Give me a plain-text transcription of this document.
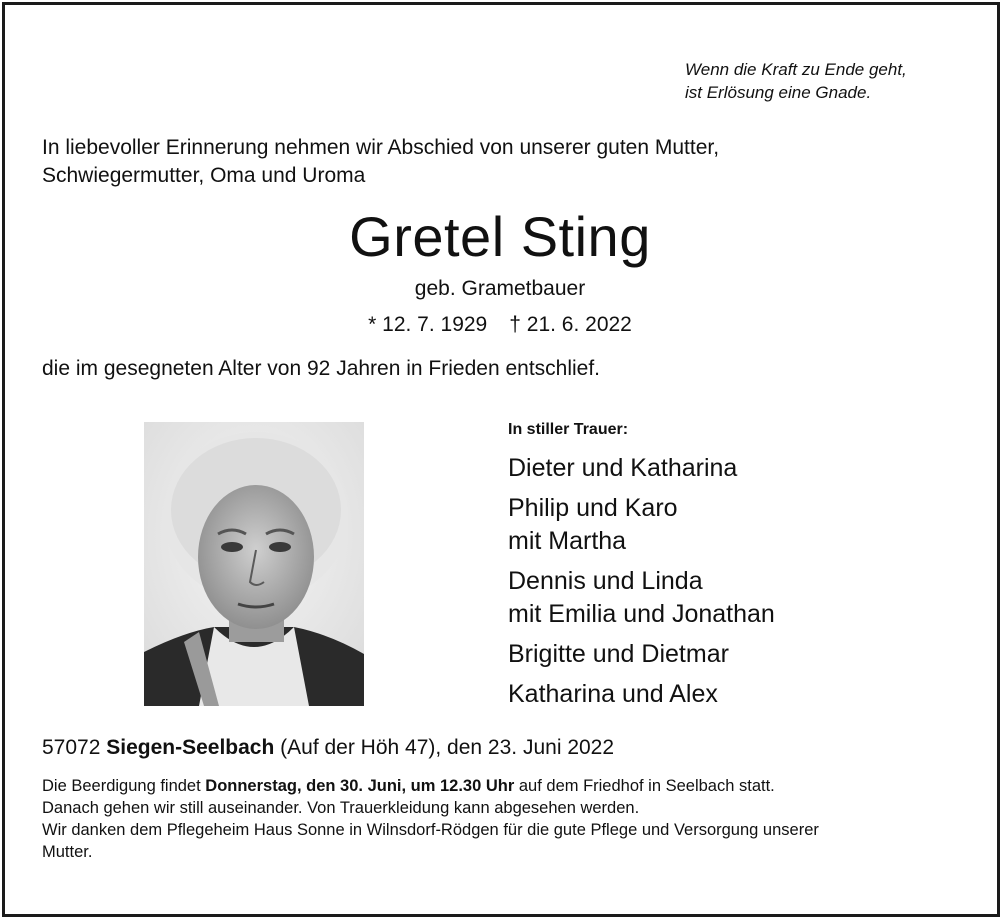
Wenn die Kraft zu Ende geht,
ist Erlösung eine Gnade.
In liebevoller Erinnerung nehmen wir Abschied von unserer guten Mutter,
Schwiegermutter, Oma und Uroma
Gretel Sting
geb. Grametbauer
* 12. 7. 1929 † 21. 6. 2022
die im gesegneten Alter von 92 Jahren in Frieden entschlief.
In stiller Trauer:
Dieter und Katharina
Philip und Karo
mit Martha
Dennis und Linda
mit Emilia und Jonathan
Brigitte und Dietmar
Katharina und Alex
57072 Siegen-Seelbach (Auf der Höh 47), den 23. Juni 2022
Die Beerdigung findet Donnerstag, den 30. Juni, um 12.30 Uhr auf dem Friedhof in Seelbach statt.
Danach gehen wir still auseinander. Von Trauerkleidung kann abgesehen werden.
Wir danken dem Pflegeheim Haus Sonne in Wilnsdorf-Rödgen für die gute Pflege und Versorgung unserer
Mutter.
